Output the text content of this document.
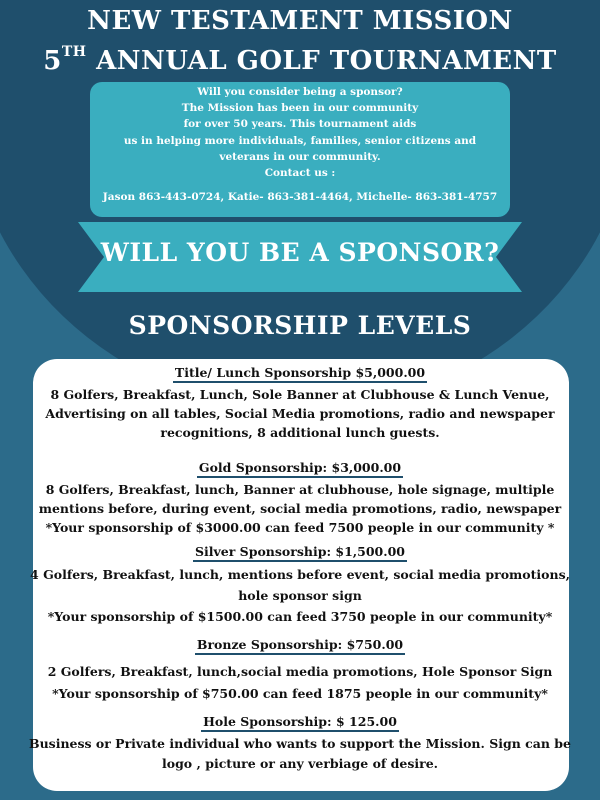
NEW TESTAMENT MISSION
5TH ANNUAL GOLF TOURNAMENT
Will you consider being a sponsor?
The Mission has been in our community
for over 50 years. This tournament aids
us in helping more individuals, families, senior citizens and
veterans in our community.
Contact us :
Jason 863-443-0724, Katie- 863-381-4464, Michelle- 863-381-4757
WILL YOU BE A SPONSOR?
SPONSORSHIP LEVELS
Title/ Lunch Sponsorship $5,000.00
8 Golfers, Breakfast, Lunch, Sole Banner at Clubhouse & Lunch Venue,
Advertising on all tables, Social Media promotions, radio and newspaper
recognitions, 8 additional lunch guests.
Gold Sponsorship: $3,000.00
8 Golfers, Breakfast, lunch, Banner at clubhouse, hole signage, multiple
mentions before, during event, social media promotions, radio, newspaper
*Your sponsorship of $3000.00 can feed 7500 people in our community *
Silver Sponsorship: $1,500.00
4 Golfers, Breakfast, lunch, mentions before event, social media promotions,
hole sponsor sign
*Your sponsorship of $1500.00 can feed 3750 people in our community*
Bronze Sponsorship: $750.00
2 Golfers, Breakfast, lunch,social media promotions, Hole Sponsor Sign
*Your sponsorship of $750.00 can feed 1875 people in our community*
Hole Sponsorship: $ 125.00
Business or Private individual who wants to support the Mission. Sign can be
logo , picture or any verbiage of desire.
